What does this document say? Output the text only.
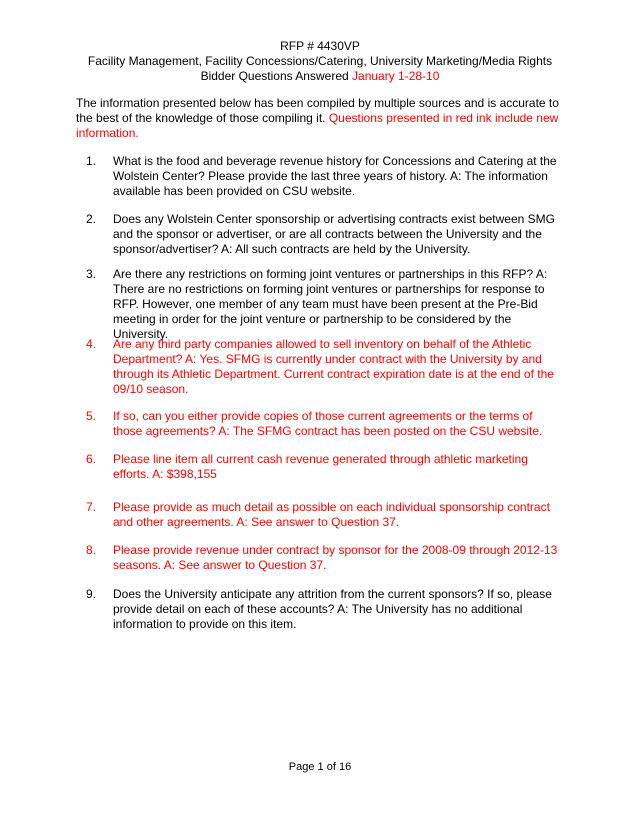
RFP # 4430VP
Facility Management, Facility Concessions/Catering, University Marketing/Media Rights
Bidder Questions Answered January 1-28-10
The information presented below has been compiled by multiple sources and is accurate to the best of the knowledge of those compiling it. Questions presented in red ink include new information.
1. What is the food and beverage revenue history for Concessions and Catering at the Wolstein Center? Please provide the last three years of history. A: The information available has been provided on CSU website.
2. Does any Wolstein Center sponsorship or advertising contracts exist between SMG and the sponsor or advertiser, or are all contracts between the University and the sponsor/advertiser? A: All such contracts are held by the University.
3. Are there any restrictions on forming joint ventures or partnerships in this RFP? A: There are no restrictions on forming joint ventures or partnerships for response to RFP. However, one member of any team must have been present at the Pre-Bid meeting in order for the joint venture or partnership to be considered by the University.
4. Are any third party companies allowed to sell inventory on behalf of the Athletic Department? A: Yes. SFMG is currently under contract with the University by and through its Athletic Department. Current contract expiration date is at the end of the 09/10 season.
5. If so, can you either provide copies of those current agreements or the terms of those agreements? A: The SFMG contract has been posted on the CSU website.
6. Please line item all current cash revenue generated through athletic marketing efforts. A: $398,155
7. Please provide as much detail as possible on each individual sponsorship contract and other agreements. A: See answer to Question 37.
8. Please provide revenue under contract by sponsor for the 2008-09 through 2012-13 seasons. A: See answer to Question 37.
9. Does the University anticipate any attrition from the current sponsors? If so, please provide detail on each of these accounts? A: The University has no additional information to provide on this item.
Page 1 of 16
